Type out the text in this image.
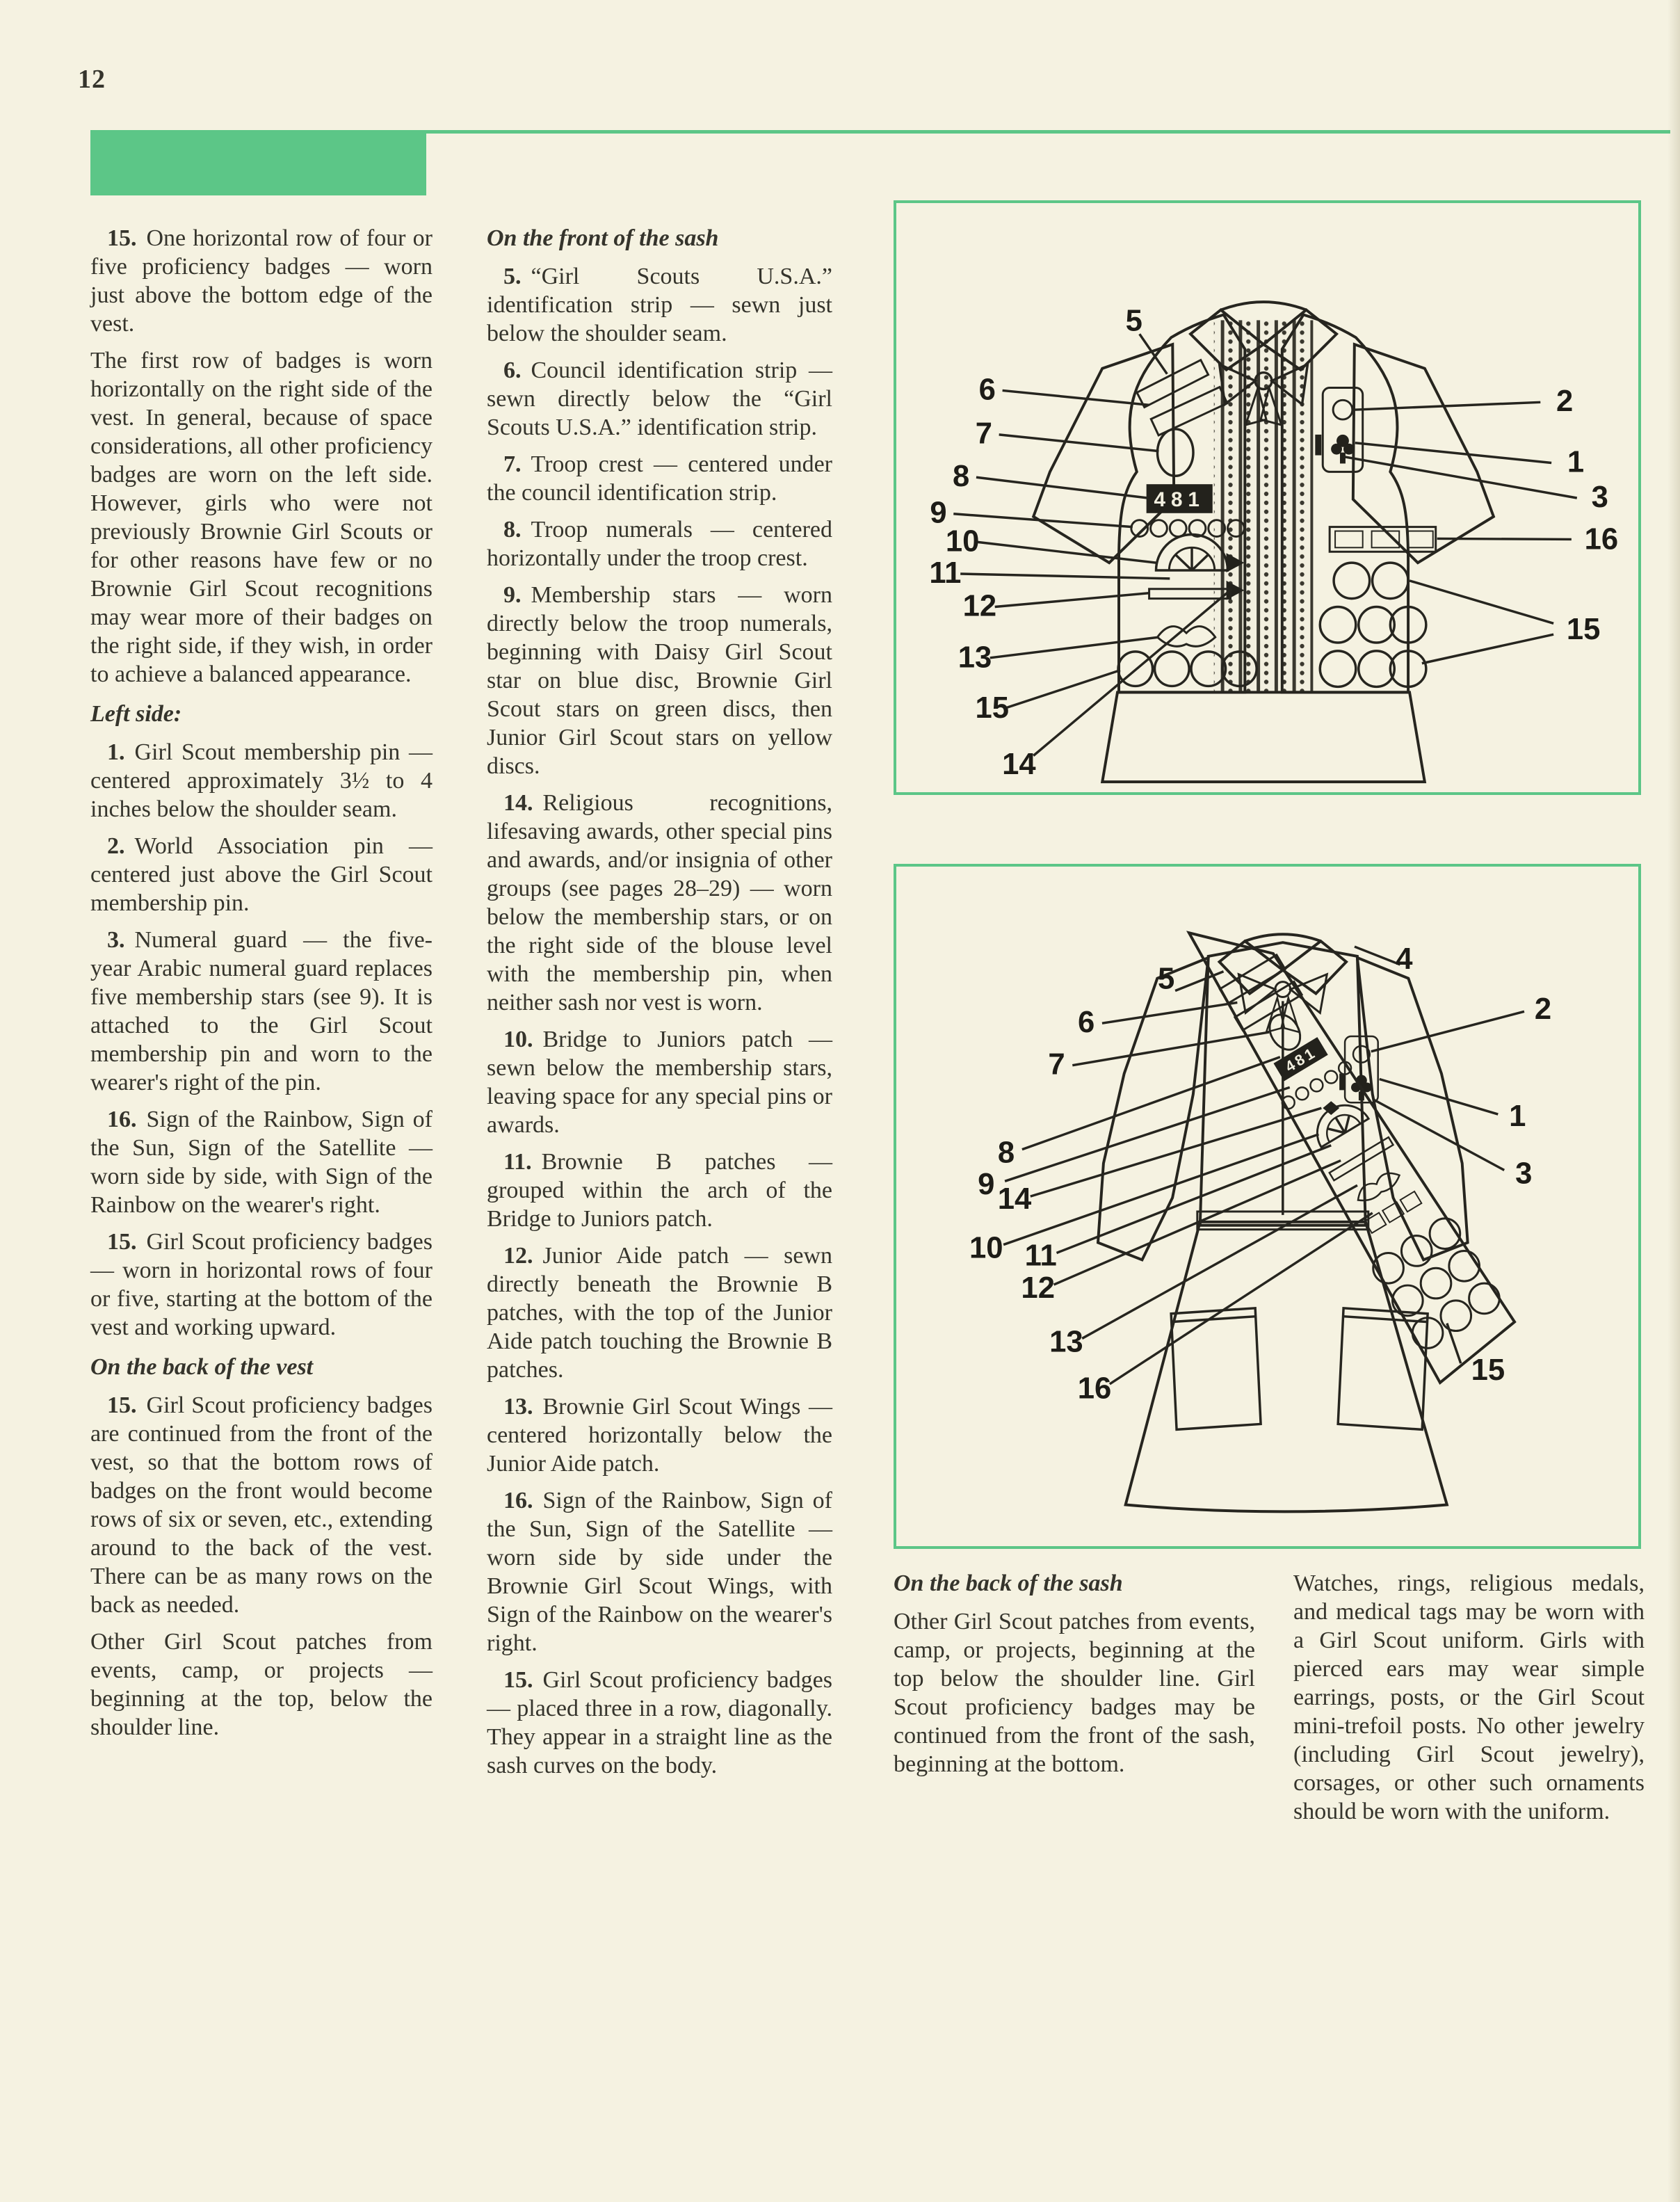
12

15. One horizontal row of four or five proficiency badges — worn just above the bottom edge of the vest.

The first row of badges is worn horizontally on the right side of the vest. In general, because of space considerations, all other proficiency badges are worn on the left side. However, girls who were not previously Brownie Girl Scouts or for other reasons have few or no Brownie Girl Scout recognitions may wear more of their badges on the right side, if they wish, in order to achieve a balanced appearance.

Left side:

1. Girl Scout membership pin — centered approximately 3½ to 4 inches below the shoulder seam.

2. World Association pin — centered just above the Girl Scout membership pin.

3. Numeral guard — the five-year Arabic numeral guard replaces five membership stars (see 9). It is attached to the Girl Scout membership pin and worn to the wearer's right of the pin.

16. Sign of the Rainbow, Sign of the Sun, Sign of the Satellite — worn side by side, with Sign of the Rainbow on the wearer's right.

15. Girl Scout proficiency badges — worn in horizontal rows of four or five, starting at the bottom of the vest and working upward.

On the back of the vest

15. Girl Scout proficiency badges are continued from the front of the vest, so that the bottom rows of badges on the front would become rows of six or seven, etc., extending around to the back of the vest. There can be as many rows on the back as needed.

Other Girl Scout patches from events, camp, or projects — beginning at the top, below the shoulder line.

On the front of the sash

5. “Girl Scouts U.S.A.” identification strip — sewn just below the shoulder seam.

6. Council identification strip — sewn directly below the “Girl Scouts U.S.A.” identification strip.

7. Troop crest — centered under the council identification strip.

8. Troop numerals — centered horizontally under the troop crest.

9. Membership stars — worn directly below the troop numerals, beginning with Daisy Girl Scout star on blue disc, Brownie Girl Scout stars on green discs, then Junior Girl Scout stars on yellow discs.

14. Religious recognitions, lifesaving awards, other special pins and awards, and/or insignia of other groups (see pages 28–29) — worn below the membership stars, or on the right side of the blouse level with the membership pin, when neither sash nor vest is worn.

10. Bridge to Juniors patch — sewn below the membership stars, leaving space for any special pins or awards.

11. Brownie B patches — grouped within the arch of the Bridge to Juniors patch.

12. Junior Aide patch — sewn directly beneath the Brownie B patches, with the top of the Junior Aide patch touching the Brownie B patches.

13. Brownie Girl Scout Wings — centered horizontally below the Junior Aide patch.

16. Sign of the Rainbow, Sign of the Sun, Sign of the Satellite — worn side by side under the Brownie Girl Scout Wings, with Sign of the Rainbow on the wearer's right.

15. Girl Scout proficiency badges — placed three in a row, diagonally. They appear in a straight line as the sash curves on the body.

481
5
6
7
8
9
10
11
12
13
15
14
2
1
3
16
15
481
5
6
7
8
9 14
10 11
12
13
16
4
2
1
3
15
On the back of the sash

Other Girl Scout patches from events, camp, or projects, beginning at the top below the shoulder line. Girl Scout proficiency badges may be continued from the front of the sash, beginning at the bottom.

Watches, rings, religious medals, and medical tags may be worn with a Girl Scout uniform. Girls with pierced ears may wear simple earrings, posts, or the Girl Scout mini-trefoil posts. No other jewelry (including Girl Scout jewelry), corsages, or other such ornaments should be worn with the uniform.
